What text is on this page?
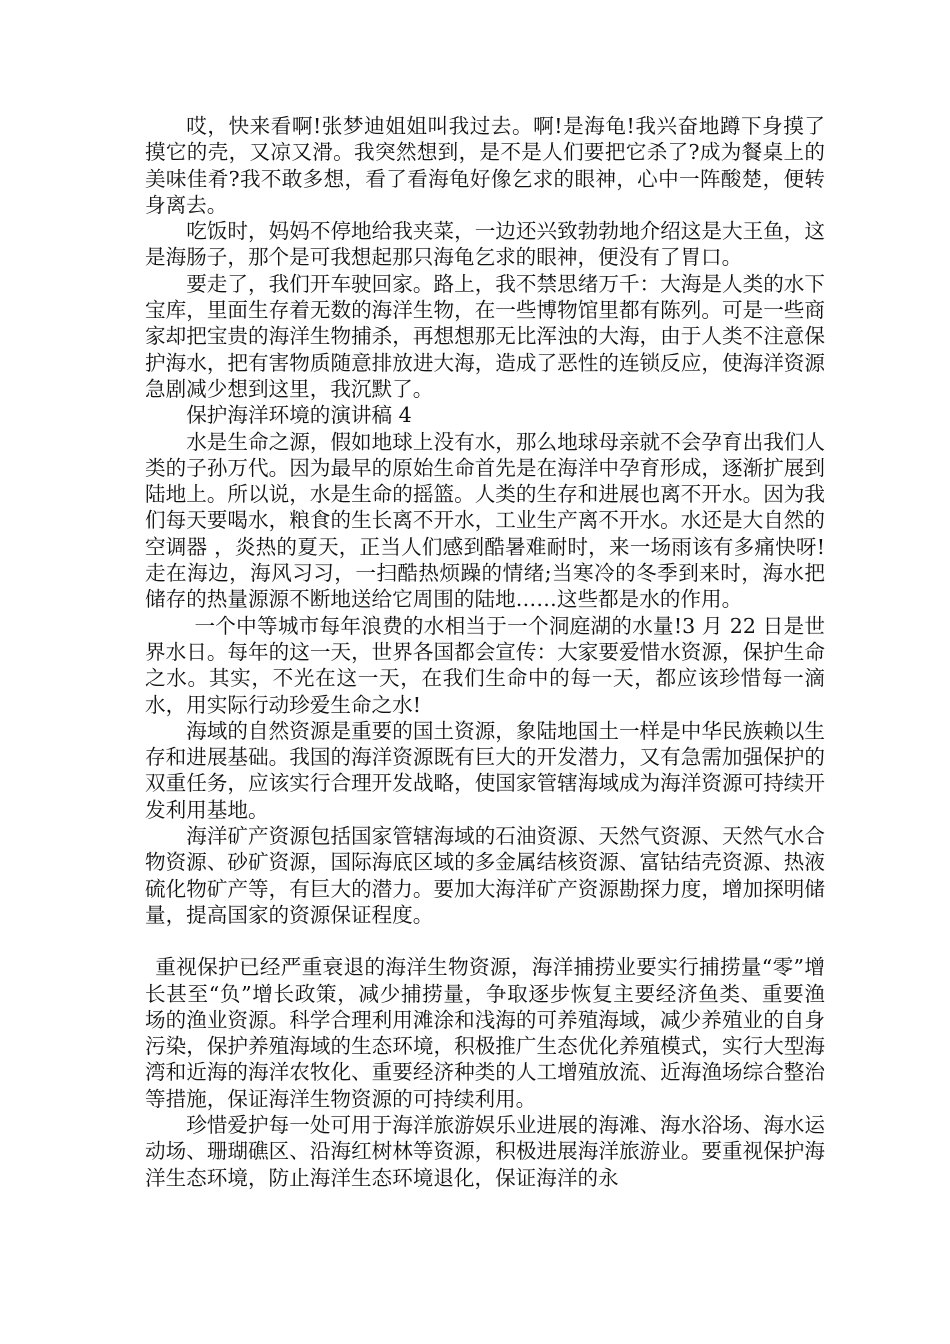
哎，快来看啊!张梦迪姐姐叫我过去。啊!是海龟!我兴奋地蹲下身摸了摸它的壳，又凉又滑。我突然想到，是不是人们要把它杀了?成为餐桌上的美味佳肴?我不敢多想，看了看海龟好像乞求的眼神，心中一阵酸楚，便转身离去。

吃饭时，妈妈不停地给我夹菜，一边还兴致勃勃地介绍这是大王鱼，这是海肠子，那个是可我想起那只海龟乞求的眼神，便没有了胃口。

要走了，我们开车驶回家。路上，我不禁思绪万千：大海是人类的水下宝库，里面生存着无数的海洋生物，在一些博物馆里都有陈列。可是一些商家却把宝贵的海洋生物捕杀，再想想那无比浑浊的大海，由于人类不注意保护海水，把有害物质随意排放进大海，造成了恶性的连锁反应，使海洋资源急剧减少想到这里，我沉默了。

保护海洋环境的演讲稿 4

水是生命之源，假如地球上没有水，那么地球母亲就不会孕育出我们人类的子孙万代。因为最早的原始生命首先是在海洋中孕育形成，逐渐扩展到陆地上。所以说，水是生命的摇篮。人类的生存和进展也离不开水。因为我们每天要喝水，粮食的生长离不开水，工业生产离不开水。水还是大自然的 空调器 ，炎热的夏天，正当人们感到酷暑难耐时，来一场雨该有多痛快呀!走在海边，海风习习，一扫酷热烦躁的情绪;当寒冷的冬季到来时，海水把储存的热量源源不断地送给它周围的陆地……这些都是水的作用。

一个中等城市每年浪费的水相当于一个洞庭湖的水量!3 月 22 日是世界水日。每年的这一天，世界各国都会宣传：大家要爱惜水资源，保护生命之水。其实，不光在这一天，在我们生命中的每一天，都应该珍惜每一滴水，用实际行动珍爱生命之水!

海域的自然资源是重要的国土资源，象陆地国土一样是中华民族赖以生存和进展基础。我国的海洋资源既有巨大的开发潜力，又有急需加强保护的双重任务，应该实行合理开发战略，使国家管辖海域成为海洋资源可持续开发利用基地。

海洋矿产资源包括国家管辖海域的石油资源、天然气资源、天然气水合物资源、砂矿资源，国际海底区域的多金属结核资源、富钴结壳资源、热液硫化物矿产等，有巨大的潜力。要加大海洋矿产资源勘探力度，增加探明储量，提高国家的资源保证程度。

重视保护已经严重衰退的海洋生物资源，海洋捕捞业要实行捕捞量“零”增长甚至“负”增长政策，减少捕捞量，争取逐步恢复主要经济鱼类、重要渔场的渔业资源。科学合理利用滩涂和浅海的可养殖海域，减少养殖业的自身污染，保护养殖海域的生态环境，积极推广生态优化养殖模式，实行大型海湾和近海的海洋农牧化、重要经济种类的人工增殖放流、近海渔场综合整治等措施，保证海洋生物资源的可持续利用。

珍惜爱护每一处可用于海洋旅游娱乐业进展的海滩、海水浴场、海水运动场、珊瑚礁区、沿海红树林等资源，积极进展海洋旅游业。要重视保护海洋生态环境，防止海洋生态环境退化，保证海洋的永
